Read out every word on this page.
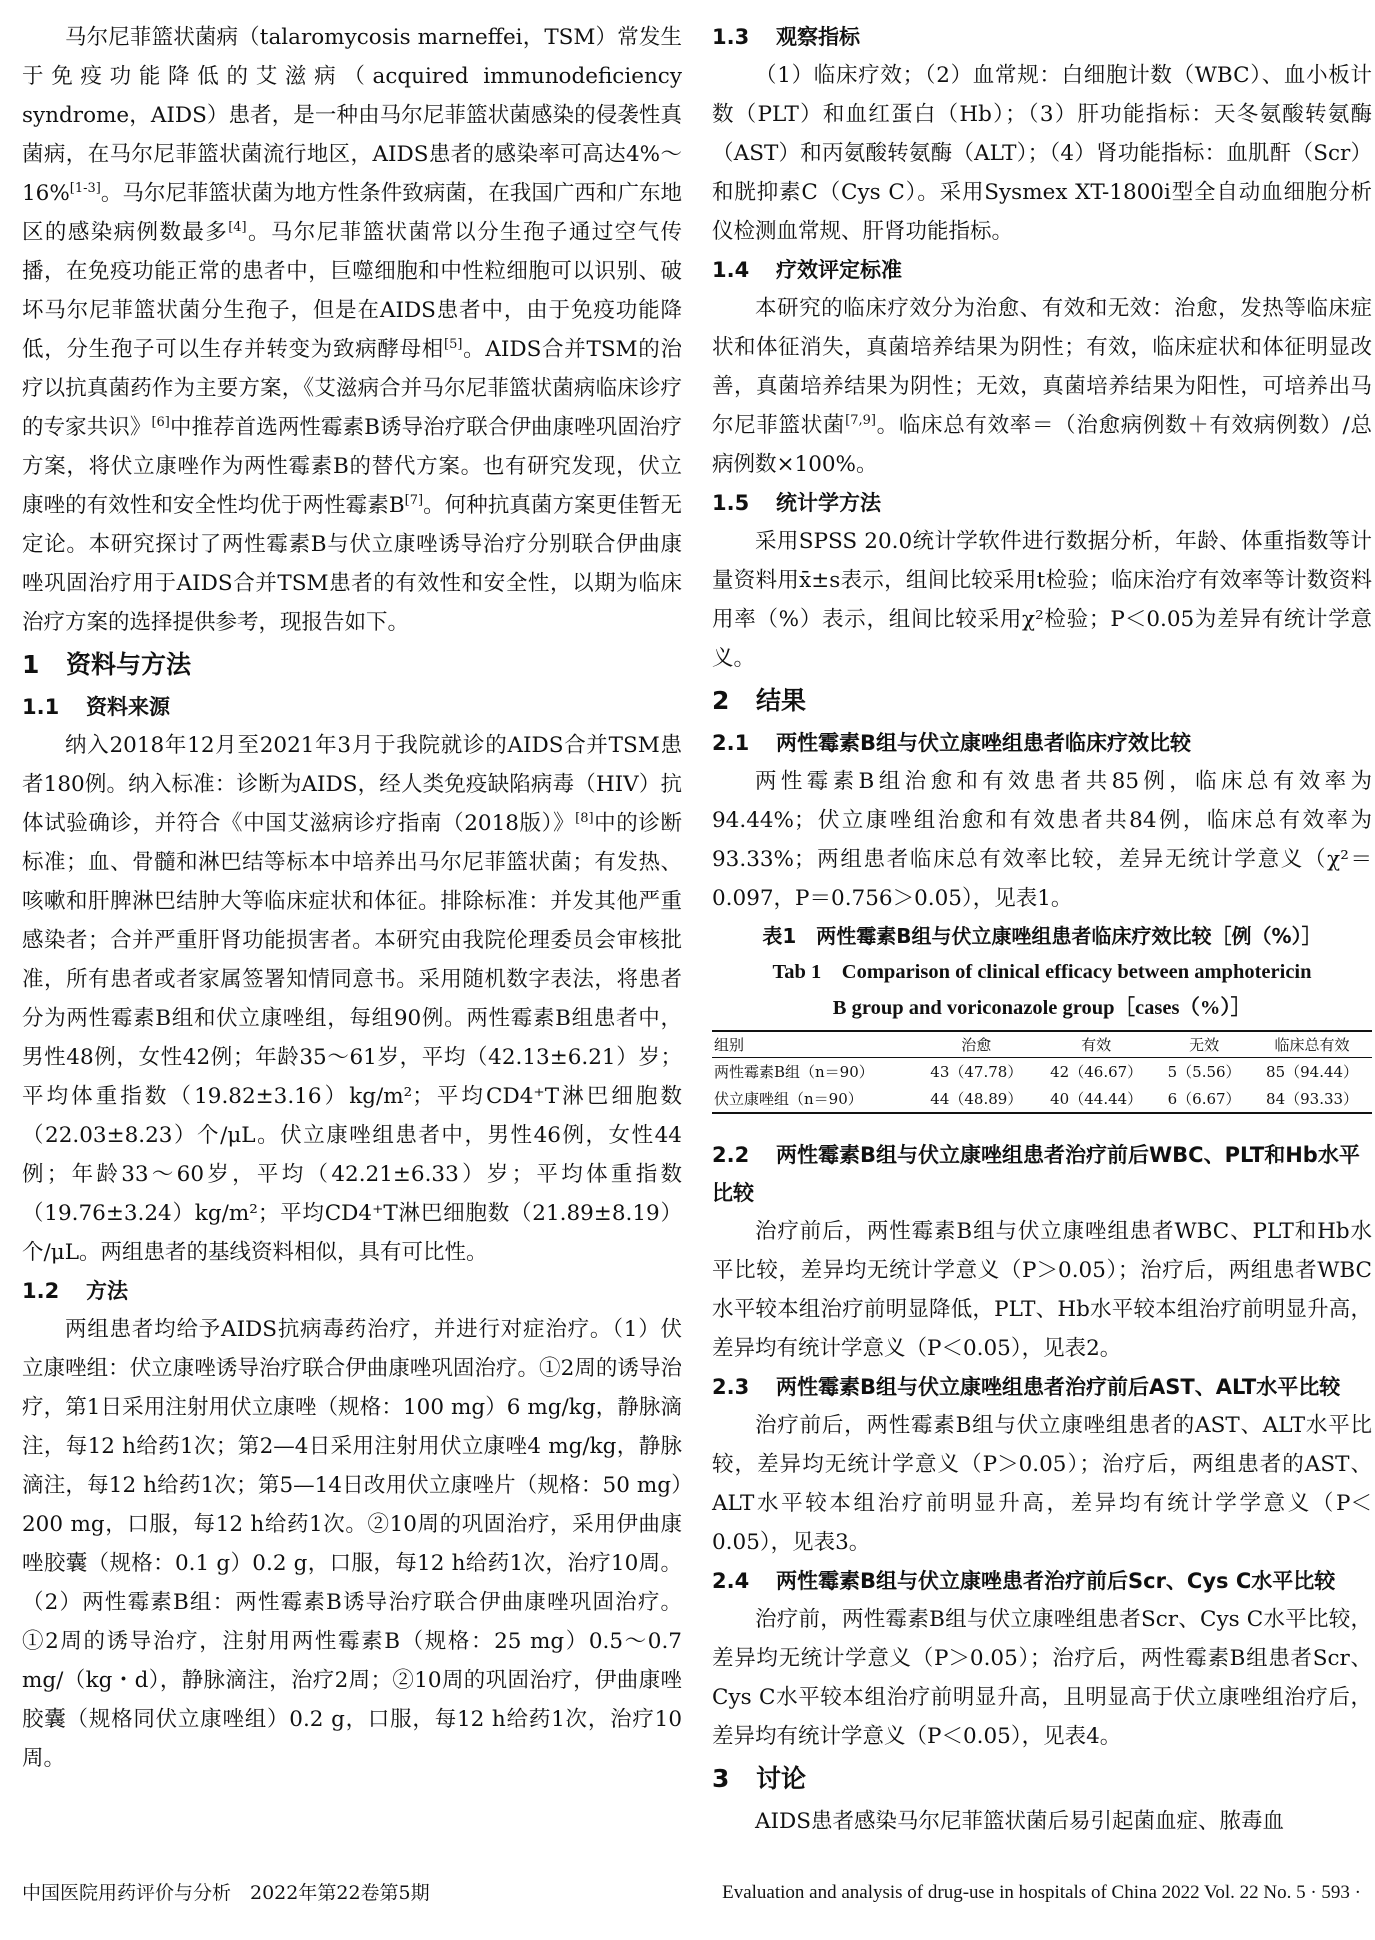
马尔尼菲篮状菌病（talaromycosis marneffei，TSM）常发生于免疫功能降低的艾滋病（acquired immunodeficiency syndrome，AIDS）患者，是一种由马尔尼菲篮状菌感染的侵袭性真菌病，在马尔尼菲篮状菌流行地区，AIDS患者的感染率可高达4%～16%[1-3]。马尔尼菲篮状菌为地方性条件致病菌，在我国广西和广东地区的感染病例数最多[4]。马尔尼菲篮状菌常以分生孢子通过空气传播，在免疫功能正常的患者中，巨噬细胞和中性粒细胞可以识别、破坏马尔尼菲篮状菌分生孢子，但是在AIDS患者中，由于免疫功能降低，分生孢子可以生存并转变为致病酵母相[5]。AIDS合并TSM的治疗以抗真菌药作为主要方案，《艾滋病合并马尔尼菲篮状菌病临床诊疗的专家共识》[6]中推荐首选两性霉素B诱导治疗联合伊曲康唑巩固治疗方案，将伏立康唑作为两性霉素B的替代方案。也有研究发现，伏立康唑的有效性和安全性均优于两性霉素B[7]。何种抗真菌方案更佳暂无定论。本研究探讨了两性霉素B与伏立康唑诱导治疗分别联合伊曲康唑巩固治疗用于AIDS合并TSM患者的有效性和安全性，以期为临床治疗方案的选择提供参考，现报告如下。

1 资料与方法
1.1 资料来源

纳入2018年12月至2021年3月于我院就诊的AIDS合并TSM患者180例。纳入标准：诊断为AIDS，经人类免疫缺陷病毒（HIV）抗体试验确诊，并符合《中国艾滋病诊疗指南（2018版）》[8]中的诊断标准；血、骨髓和淋巴结等标本中培养出马尔尼菲篮状菌；有发热、咳嗽和肝脾淋巴结肿大等临床症状和体征。排除标准：并发其他严重感染者；合并严重肝肾功能损害者。本研究由我院伦理委员会审核批准，所有患者或者家属签署知情同意书。采用随机数字表法，将患者分为两性霉素B组和伏立康唑组，每组90例。两性霉素B组患者中，男性48例，女性42例；年龄35～61岁，平均（42.13±6.21）岁；平均体重指数（19.82±3.16）kg/m²；平均CD4⁺T淋巴细胞数（22.03±8.23）个/μL。伏立康唑组患者中，男性46例，女性44例；年龄33～60岁，平均（42.21±6.33）岁；平均体重指数（19.76±3.24）kg/m²；平均CD4⁺T淋巴细胞数（21.89±8.19）个/μL。两组患者的基线资料相似，具有可比性。

1.2 方法

两组患者均给予AIDS抗病毒药治疗，并进行对症治疗。（1）伏立康唑组：伏立康唑诱导治疗联合伊曲康唑巩固治疗。①2周的诱导治疗，第1日采用注射用伏立康唑（规格：100 mg）6 mg/kg，静脉滴注，每12 h给药1次；第2—4日采用注射用伏立康唑4 mg/kg，静脉滴注，每12 h给药1次；第5—14日改用伏立康唑片（规格：50 mg）200 mg，口服，每12 h给药1次。②10周的巩固治疗，采用伊曲康唑胶囊（规格：0.1 g）0.2 g，口服，每12 h给药1次，治疗10周。（2）两性霉素B组：两性霉素B诱导治疗联合伊曲康唑巩固治疗。①2周的诱导治疗，注射用两性霉素B（规格：25 mg）0.5～0.7 mg/（kg・d），静脉滴注，治疗2周；②10周的巩固治疗，伊曲康唑胶囊（规格同伏立康唑组）0.2 g，口服，每12 h给药1次，治疗10周。

1.3 观察指标

（1）临床疗效；（2）血常规：白细胞计数（WBC）、血小板计数（PLT）和血红蛋白（Hb）；（3）肝功能指标：天冬氨酸转氨酶（AST）和丙氨酸转氨酶（ALT）；（4）肾功能指标：血肌酐（Scr）和胱抑素C（Cys C）。采用Sysmex XT-1800i型全自动血细胞分析仪检测血常规、肝肾功能指标。

1.4 疗效评定标准

本研究的临床疗效分为治愈、有效和无效：治愈，发热等临床症状和体征消失，真菌培养结果为阴性；有效，临床症状和体征明显改善，真菌培养结果为阴性；无效，真菌培养结果为阳性，可培养出马尔尼菲篮状菌[7,9]。临床总有效率＝（治愈病例数＋有效病例数）/总病例数×100%。

1.5 统计学方法

采用SPSS 20.0统计学软件进行数据分析，年龄、体重指数等计量资料用x̄±s表示，组间比较采用t检验；临床治疗有效率等计数资料用率（%）表示，组间比较采用χ²检验；P＜0.05为差异有统计学意义。

2 结果
2.1 两性霉素B组与伏立康唑组患者临床疗效比较

两性霉素B组治愈和有效患者共85例，临床总有效率为94.44%；伏立康唑组治愈和有效患者共84例，临床总有效率为93.33%；两组患者临床总有效率比较，差异无统计学意义（χ²＝0.097，P＝0.756＞0.05），见表1。

表1　两性霉素B组与伏立康唑组患者临床疗效比较［例（%）］

Tab 1　Comparison of clinical efficacy between amphotericin

B group and voriconazole group［cases（%）］

组别	治愈	有效	无效	临床总有效
两性霉素B组（n＝90）	43（47.78）	42（46.67）	5（5.56）	85（94.44）
伏立康唑组（n＝90）	44（48.89）	40（44.44）	6（6.67）	84（93.33）
2.2 两性霉素B组与伏立康唑组患者治疗前后WBC、PLT和Hb水平比较

治疗前后，两性霉素B组与伏立康唑组患者WBC、PLT和Hb水平比较，差异均无统计学意义（P＞0.05）；治疗后，两组患者WBC水平较本组治疗前明显降低，PLT、Hb水平较本组治疗前明显升高，差异均有统计学意义（P＜0.05），见表2。

2.3 两性霉素B组与伏立康唑组患者治疗前后AST、ALT水平比较

治疗前后，两性霉素B组与伏立康唑组患者的AST、ALT水平比较，差异均无统计学意义（P＞0.05）；治疗后，两组患者的AST、ALT水平较本组治疗前明显升高，差异均有统计学学意义（P＜0.05），见表3。

2.4 两性霉素B组与伏立康唑患者治疗前后Scr、Cys C水平比较

治疗前，两性霉素B组与伏立康唑组患者Scr、Cys C水平比较，差异均无统计学意义（P＞0.05）；治疗后，两性霉素B组患者Scr、Cys C水平较本组治疗前明显升高，且明显高于伏立康唑组治疗后，差异均有统计学意义（P＜0.05），见表4。

3 讨论

AIDS患者感染马尔尼菲篮状菌后易引起菌血症、脓毒血

中国医院用药评价与分析　2022年第22卷第5期	Evaluation and analysis of drug-use in hospitals of China 2022 Vol. 22 No. 5 · 593 ·
